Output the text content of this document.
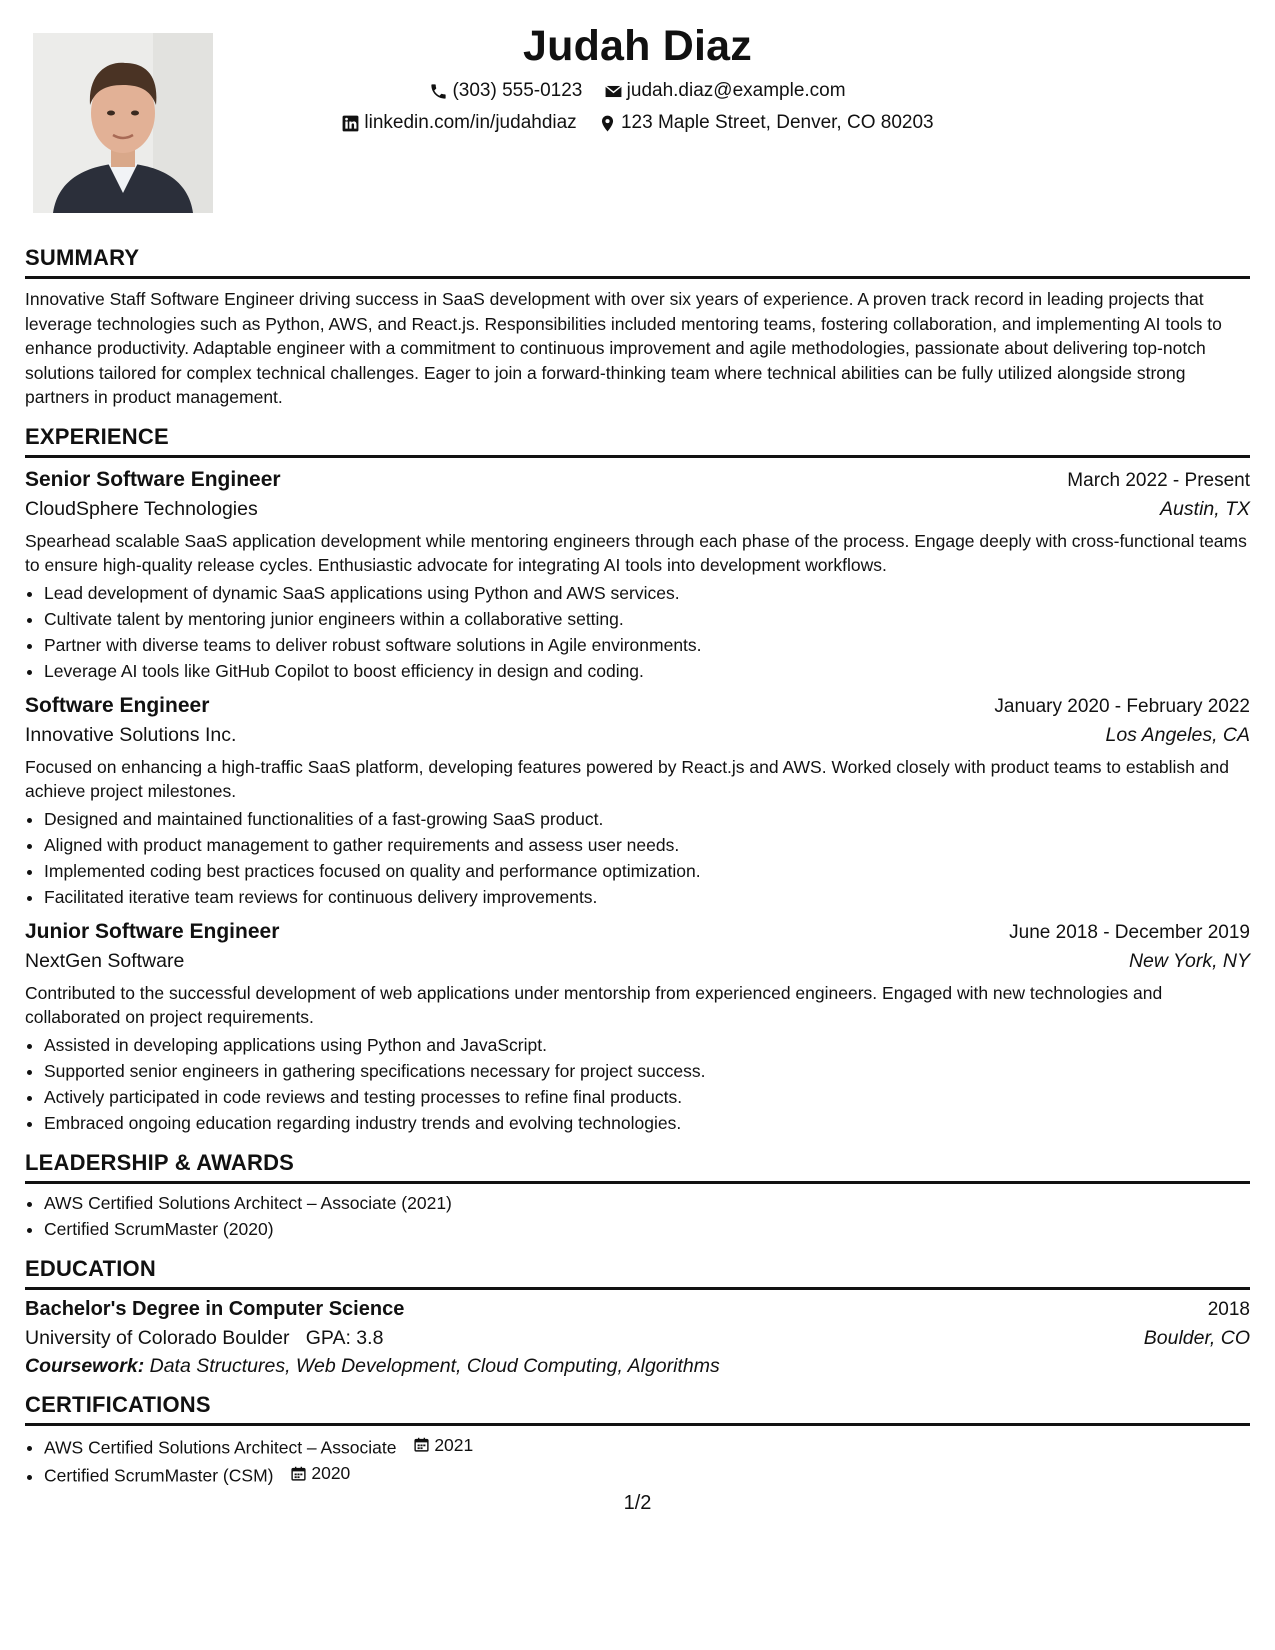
Judah Diaz
(303) 555-0123
judah.diaz@example.com
linkedin.com/in/judahdiaz
123 Maple Street, Denver, CO 80203
SUMMARY

Innovative Staff Software Engineer driving success in SaaS development with over six years of experience. A proven track record in leading projects that leverage technologies such as Python, AWS, and React.js. Responsibilities included mentoring teams, fostering collaboration, and implementing AI tools to enhance productivity. Adaptable engineer with a commitment to continuous improvement and agile methodologies, passionate about delivering top-notch solutions tailored for complex technical challenges. Eager to join a forward-thinking team where technical abilities can be fully utilized alongside strong partners in product management.

EXPERIENCE
Senior Software Engineer	March 2022 - Present
CloudSphere Technologies	Austin, TX

Spearhead scalable SaaS application development while mentoring engineers through each phase of the process. Engage deeply with cross-functional teams to ensure high-quality release cycles. Enthusiastic advocate for integrating AI tools into development workflows.

• Lead development of dynamic SaaS applications using Python and AWS services.
• Cultivate talent by mentoring junior engineers within a collaborative setting.
• Partner with diverse teams to deliver robust software solutions in Agile environments.
• Leverage AI tools like GitHub Copilot to boost efficiency in design and coding.
Software Engineer	January 2020 - February 2022
Innovative Solutions Inc.	Los Angeles, CA

Focused on enhancing a high-traffic SaaS platform, developing features powered by React.js and AWS. Worked closely with product teams to establish and achieve project milestones.

• Designed and maintained functionalities of a fast-growing SaaS product.
• Aligned with product management to gather requirements and assess user needs.
• Implemented coding best practices focused on quality and performance optimization.
• Facilitated iterative team reviews for continuous delivery improvements.
Junior Software Engineer	June 2018 - December 2019
NextGen Software	New York, NY

Contributed to the successful development of web applications under mentorship from experienced engineers. Engaged with new technologies and collaborated on project requirements.

• Assisted in developing applications using Python and JavaScript.
• Supported senior engineers in gathering specifications necessary for project success.
• Actively participated in code reviews and testing processes to refine final products.
• Embraced ongoing education regarding industry trends and evolving technologies.
LEADERSHIP & AWARDS
• AWS Certified Solutions Architect – Associate (2021)
• Certified ScrumMaster (2020)
EDUCATION
Bachelor's Degree in Computer Science	2018
University of Colorado Boulder GPA: 3.8	Boulder, CO
Coursework: Data Structures, Web Development, Cloud Computing, Algorithms
CERTIFICATIONS
• AWS Certified Solutions Architect – Associate 2021
• Certified ScrumMaster (CSM) 2020
1/2
